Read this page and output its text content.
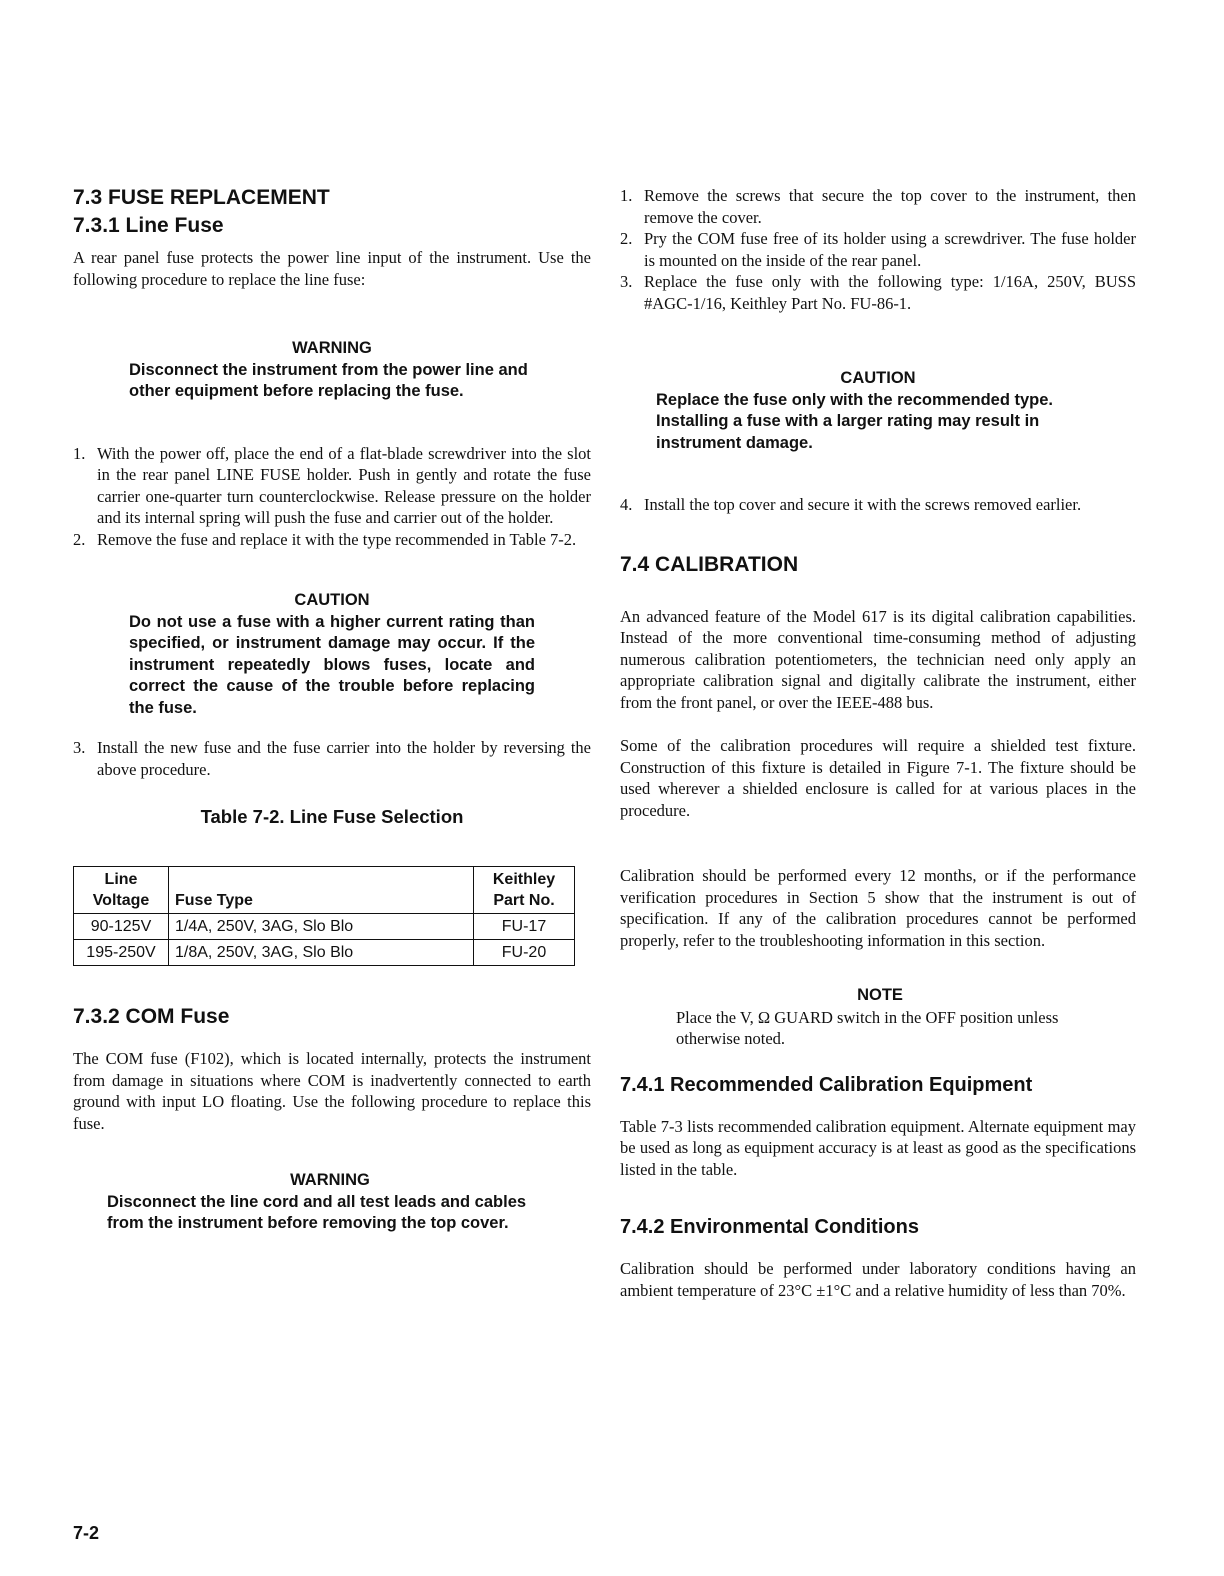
7.3 FUSE REPLACEMENT
7.3.1 Line Fuse

A rear panel fuse protects the power line input of the instrument. Use the following procedure to replace the line fuse:

WARNING
Disconnect the instrument from the power line and other equipment before replacing the fuse.
1. With the power off, place the end of a flat-blade screwdriver into the slot in the rear panel LINE FUSE holder. Push in gently and rotate the fuse carrier one-quarter turn counterclockwise. Release pressure on the holder and its internal spring will push the fuse and carrier out of the holder.
2. Remove the fuse and replace it with the type recommended in Table 7-2.
CAUTION
Do not use a fuse with a higher current rating than specified, or instrument damage may occur. If the instrument repeatedly blows fuses, locate and correct the cause of the trouble before replacing the fuse.
3. Install the new fuse and the fuse carrier into the holder by reversing the above procedure.
Table 7-2. Line Fuse Selection
Line
Voltage	Fuse Type	Keithley
Part No.
90-125V	1/4A, 250V, 3AG, Slo Blo	FU-17
195-250V	1/8A, 250V, 3AG, Slo Blo	FU-20
7.3.2 COM Fuse

The COM fuse (F102), which is located internally, protects the instrument from damage in situations where COM is inadvertently connected to earth ground with input LO floating. Use the following procedure to replace this fuse.

WARNING
Disconnect the line cord and all test leads and cables from the instrument before removing the top cover.
1. Remove the screws that secure the top cover to the instrument, then remove the cover.
2. Pry the COM fuse free of its holder using a screwdriver. The fuse holder is mounted on the inside of the rear panel.
3. Replace the fuse only with the following type: 1/16A, 250V, BUSS #AGC-1/16, Keithley Part No. FU-86-1.
CAUTION
Replace the fuse only with the recommended type. Installing a fuse with a larger rating may result in instrument damage.
4. Install the top cover and secure it with the screws removed earlier.
7.4 CALIBRATION

An advanced feature of the Model 617 is its digital calibration capabilities. Instead of the more conventional time-consuming method of adjusting numerous calibration potentiometers, the technician need only apply an appropriate calibration signal and digitally calibrate the instrument, either from the front panel, or over the IEEE-488 bus.

Some of the calibration procedures will require a shielded test fixture. Construction of this fixture is detailed in Figure 7-1. The fixture should be used wherever a shielded enclosure is called for at various places in the procedure.

Calibration should be performed every 12 months, or if the performance verification procedures in Section 5 show that the instrument is out of specification. If any of the calibration procedures cannot be performed properly, refer to the troubleshooting information in this section.

NOTE
Place the V, Ω GUARD switch in the OFF position unless otherwise noted.
7.4.1 Recommended Calibration Equipment

Table 7-3 lists recommended calibration equipment. Alternate equipment may be used as long as equipment accuracy is at least as good as the specifications listed in the table.

7.4.2 Environmental Conditions

Calibration should be performed under laboratory conditions having an ambient temperature of 23°C ±1°C and a relative humidity of less than 70%.

7-2
